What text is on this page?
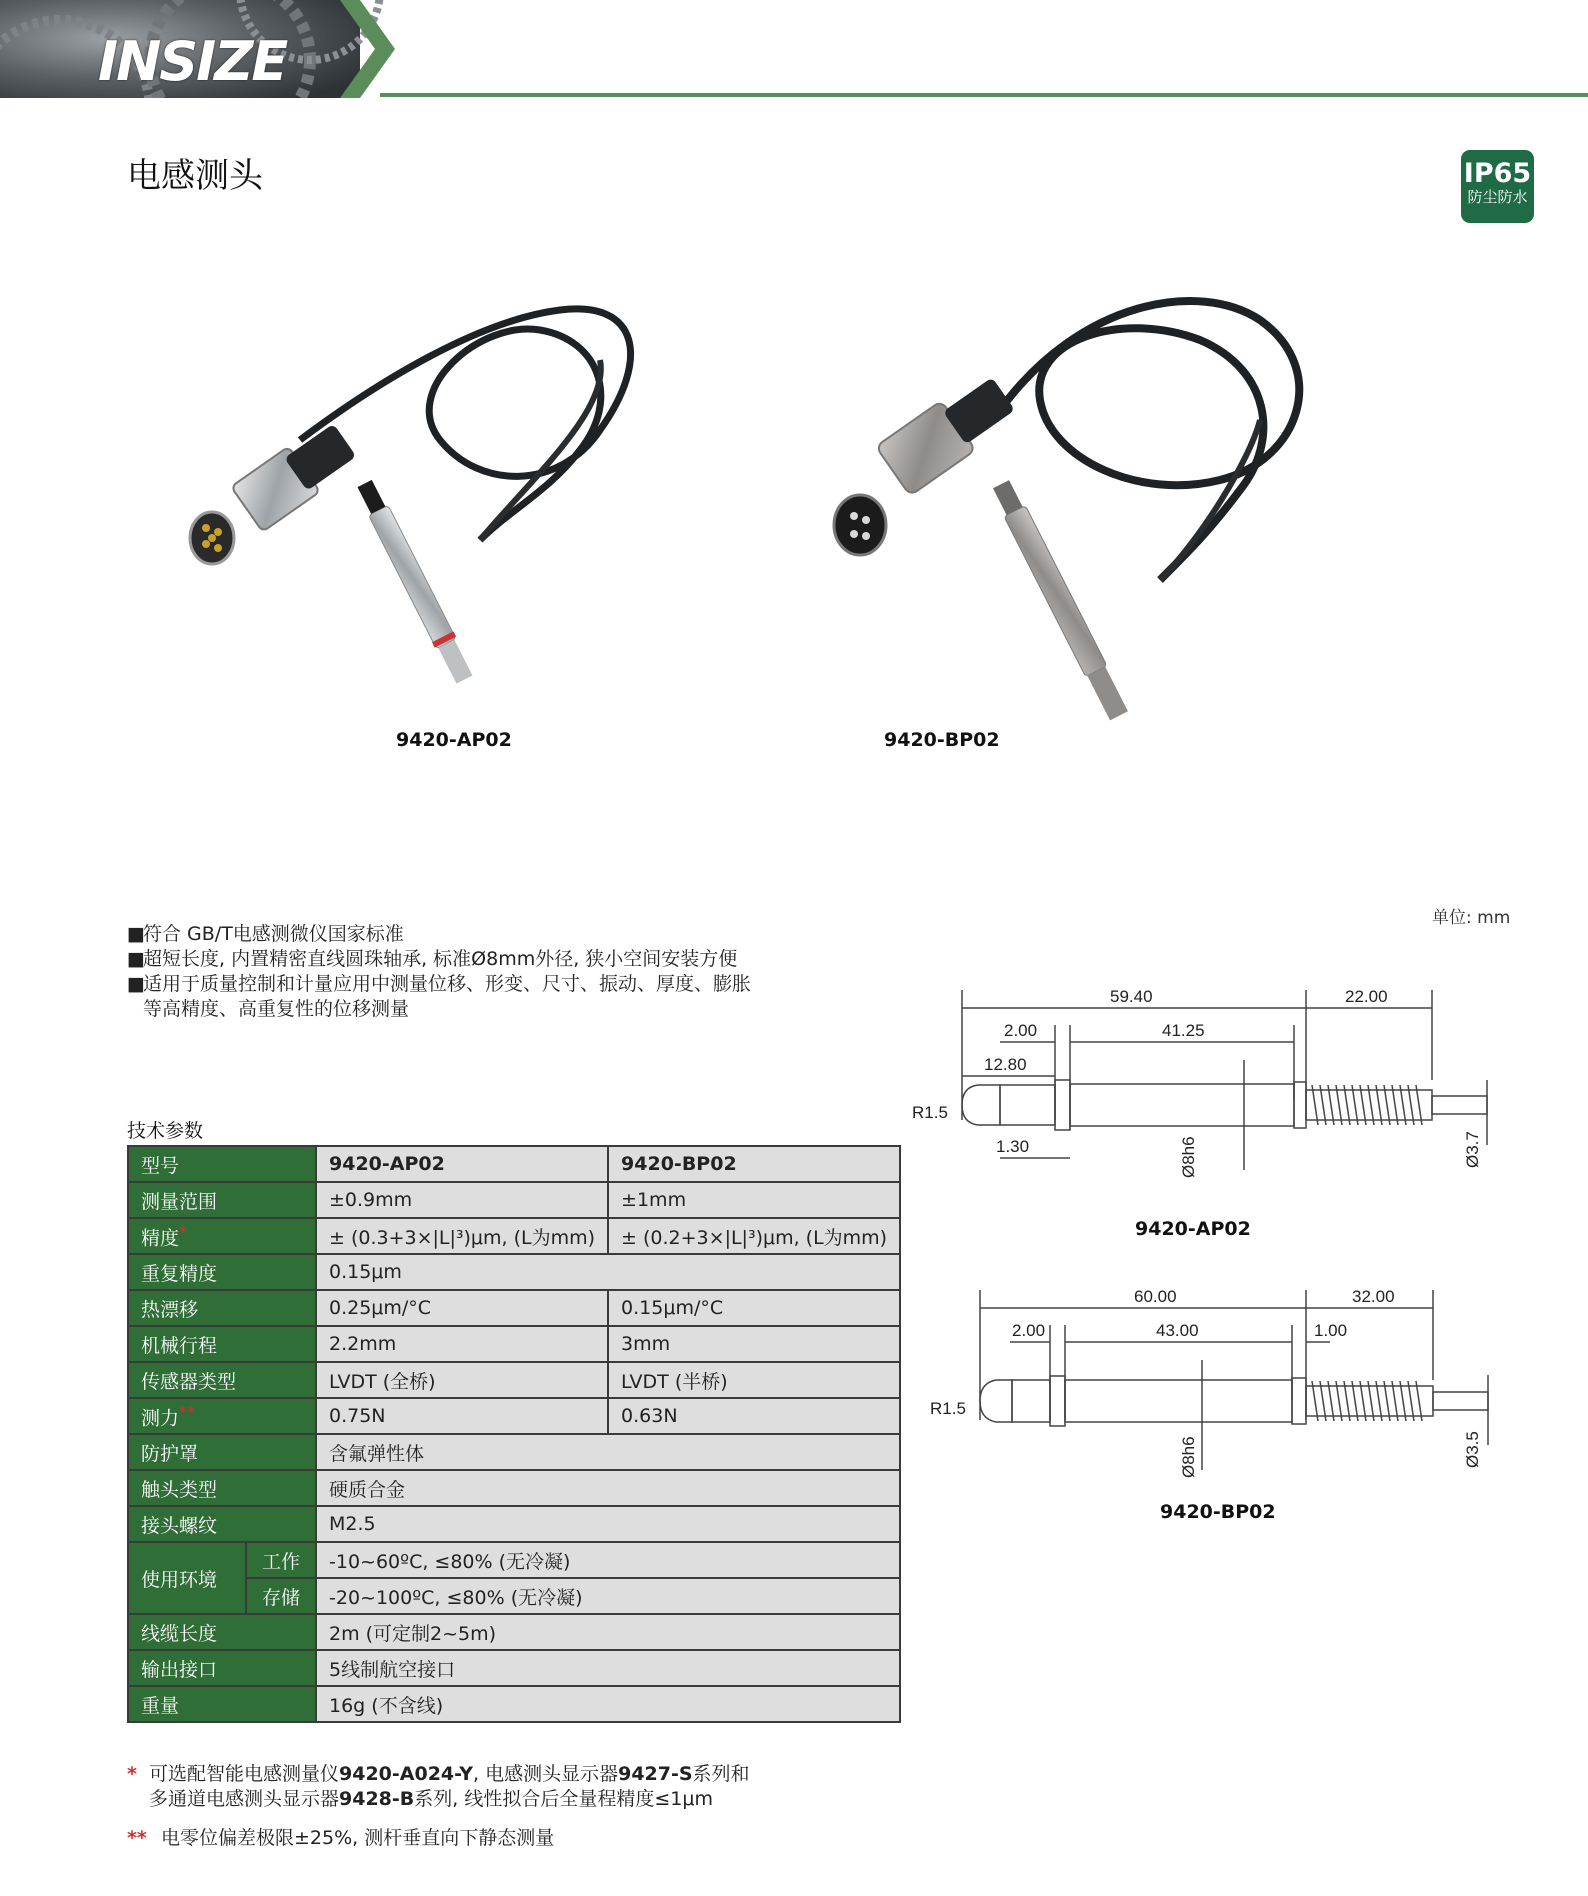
INSIZE
电感测头	IP65
防尘防水
9420-AP02	9420-BP02
单位: mm
■
符合 GB/T电感测微仪国家标准
■
超短长度, 内置精密直线圆珠轴承, 标准Ø8mm外径, 狭小空间安装方便
■
适用于质量控制和计量应用中测量位移、形变、尺寸、振动、厚度、膨胀等高精度、高重复性的位移测量
技术参数
型号		9420-AP02	9420-BP02
测量范围		±0.9mm	±1mm
精度*		± (0.3+3×|L|³)μm, (L为mm)	± (0.2+3×|L|³)μm, (L为mm)
重复精度		0.15μm	
热漂移		0.25μm/°C	0.15μm/°C
机械行程		2.2mm	3mm
传感器类型		LVDT (全桥)	LVDT (半桥)
测力**		0.75N	0.63N
防护罩		含氟弹性体	
触头类型		硬质合金	
接头螺纹		M2.5	
使用环境	工作	-10~60ºC, ≤80% (无冷凝)	
	存储	-20~100ºC, ≤80% (无冷凝)	
线缆长度		2m (可定制2~5m)	
输出接口		5线制航空接口	
重量		16g (不含线)	
* 可选配智能电感测量仪9420-A024-Y, 电感测头显示器9427-S系列和
多通道电感测头显示器9428-B系列, 线性拟合后全量程精度≤1μm
** 电零位偏差极限±25%, 测杆垂直向下静态测量
59.40	22.00
2.00	41.25
12.80
R1.5
1.30	Ø8h6	Ø3.7
9420-AP02
60.00	32.00
2.00	43.00	1.00
R1.5
Ø8h6	Ø3.5
9420-BP02
